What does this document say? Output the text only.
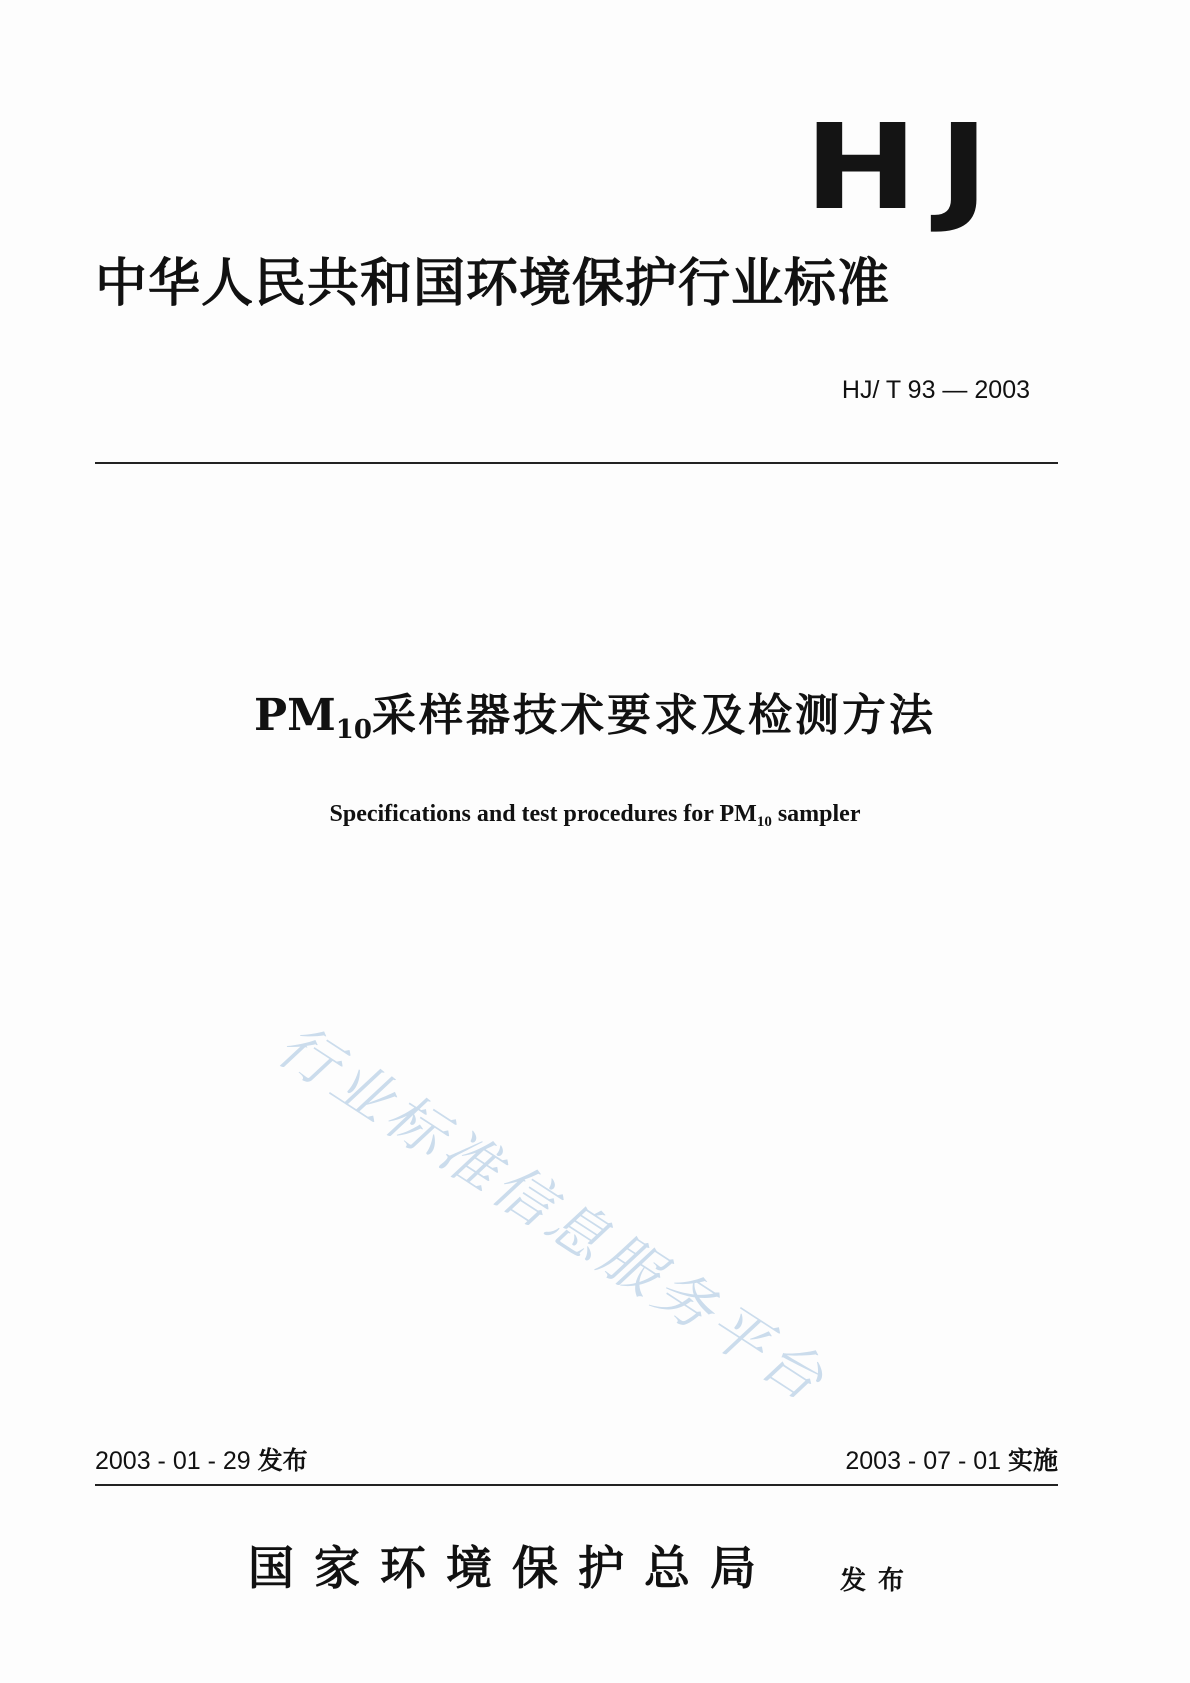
HJ
中华人民共和国环境保护行业标准
HJ/ T 93 — 2003
$PM_{10}$采样器技术要求及检测方法
Specifications and test procedures for $PM_{10}$ sampler
行业标准信息服务平台
2003 - 01 - 29 发布	2003 - 07 - 01 实施
国家环境保护总局 发布
